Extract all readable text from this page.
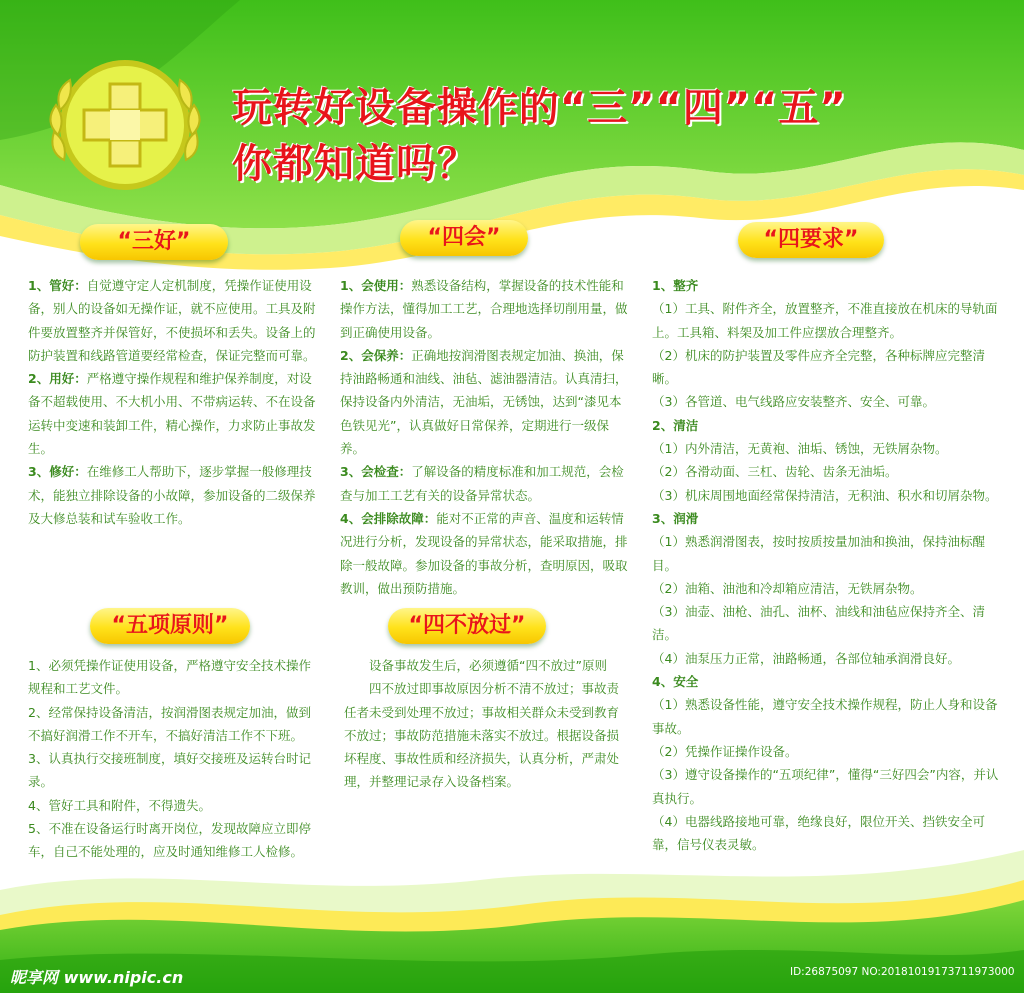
玩转好设备操作的“三”“四”“五”
你都知道吗？
“三好”	“四会”	“四要求”
“五项原则”	“四不放过”

1、管好：自觉遵守定人定机制度，凭操作证使用设备，别人的设备如无操作证，就不应使用。工具及附件要放置整齐并保管好，不使损坏和丢失。设备上的防护装置和线路管道要经常检查，保证完整而可靠。

2、用好：严格遵守操作规程和维护保养制度，对设备不超载使用、不大机小用、不带病运转、不在设备运转中变速和装卸工件，精心操作，力求防止事故发生。

3、修好：在维修工人帮助下，逐步掌握一般修理技术，能独立排除设备的小故障，参加设备的二级保养及大修总装和试车验收工作。

1、会使用：熟悉设备结构，掌握设备的技术性能和操作方法，懂得加工工艺，合理地选择切削用量，做到正确使用设备。

2、会保养：正确地按润滑图表规定加油、换油，保持油路畅通和油线、油毡、滤油器清洁。认真清扫，保持设备内外清洁，无油垢，无锈蚀，达到“漆见本色铁见光”，认真做好日常保养，定期进行一级保养。

3、会检查：了解设备的精度标准和加工规范，会检查与加工工艺有关的设备异常状态。

4、会排除故障：能对不正常的声音、温度和运转情况进行分析，发现设备的异常状态，能采取措施，排除一般故障。参加设备的事故分析，查明原因，吸取教训，做出预防措施。

1、整齐

（1）工具、附件齐全，放置整齐，不准直接放在机床的导轨面上。工具箱、料架及加工件应摆放合理整齐。

（2）机床的防护装置及零件应齐全完整，各种标牌应完整清晰。

（3）各管道、电气线路应安装整齐、安全、可靠。

2、清洁

（1）内外清洁，无黄袍、油垢、锈蚀，无铁屑杂物。

（2）各滑动面、三杠、齿轮、齿条无油垢。

（3）机床周围地面经常保持清洁，无积油、积水和切屑杂物。

3、润滑

（1）熟悉润滑图表，按时按质按量加油和换油，保持油标醒目。

（2）油箱、油池和冷却箱应清洁，无铁屑杂物。

（3）油壶、油枪、油孔、油杯、油线和油毡应保持齐全、清洁。

（4）油泵压力正常，油路畅通，各部位轴承润滑良好。

4、安全

（1）熟悉设备性能，遵守安全技术操作规程，防止人身和设备事故。

（2）凭操作证操作设备。

（3）遵守设备操作的“五项纪律”，懂得“三好四会”内容，并认真执行。

（4）电器线路接地可靠，绝缘良好，限位开关、挡铁安全可靠，信号仪表灵敏。

1、必须凭操作证使用设备，严格遵守安全技术操作规程和工艺文件。

2、经常保持设备清洁，按润滑图表规定加油，做到不搞好润滑工作不开车，不搞好清洁工作不下班。

3、认真执行交接班制度，填好交接班及运转台时记录。

4、管好工具和附件，不得遗失。

5、不准在设备运行时离开岗位，发现故障应立即停车，自己不能处理的，应及时通知维修工人检修。

设备事故发生后，必须遵循“四不放过”原则

四不放过即事故原因分析不清不放过；事故责任者未受到处理不放过；事故相关群众未受到教育不放过；事故防范措施未落实不放过。根据设备损坏程度、事故性质和经济损失，认真分析，严肃处理，并整理记录存入设备档案。

昵享网 www.nipic.cn	ID:26875097 NO:20181019173711973000
